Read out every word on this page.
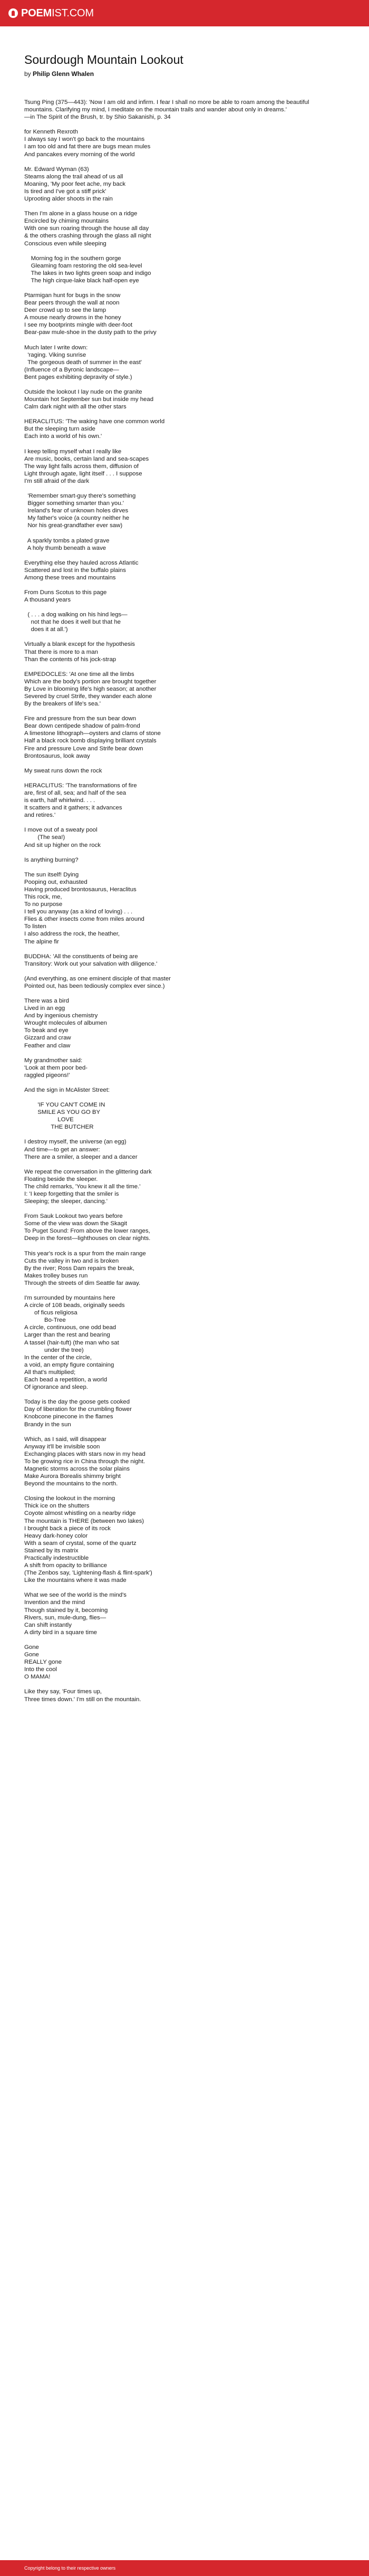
POEMIST.COM
Sourdough Mountain Lookout
by Philip Glenn Whalen
Tsung Ping (375—443): 'Now I am old and infirm. I fear I shall no more be able to roam among the beautiful mountains. Clarifying my mind, I meditate on the mountain trails and wander about only in dreams.'
—in The Spirit of the Brush, tr. by Shio Sakanishi, p. 34
for Kenneth Rexroth
I always say I won't go back to the mountains
I am too old and fat there are bugs mean mules
And pancakes every morning of the world
Mr. Edward Wyman (63)
Steams along the trail ahead of us all
Moaning, 'My poor feet ache, my back
Is tired and I've got a stiff prick'
Uprooting alder shoots in the rain
Then I'm alone in a glass house on a ridge
Encircled by chiming mountains
With one sun roaring through the house all day
& the others crashing through the glass all night
Conscious even while sleeping
Morning fog in the southern gorge
Gleaming foam restoring the old sea-level
The lakes in two lights green soap and indigo
The high cirque-lake black half-open eye
Ptarmigan hunt for bugs in the snow
Bear peers through the wall at noon
Deer crowd up to see the lamp
A mouse nearly drowns in the honey
I see my bootprints mingle with deer-foot
Bear-paw mule-shoe in the dusty path to the privy
Much later I write down:
'raging. Viking sunrise
The gorgeous death of summer in the east'
(Influence of a Byronic landscape—
Bent pages exhibiting depravity of style.)
Outside the lookout I lay nude on the granite
Mountain hot September sun but inside my head
Calm dark night with all the other stars
HERACLITUS: 'The waking have one common world
But the sleeping turn aside
Each into a world of his own.'
I keep telling myself what I really like
Are music, books, certain land and sea-scapes
The way light falls across them, diffusion of
Light through agate, light itself . . . I suppose
I'm still afraid of the dark
'Remember smart-guy there's something
Bigger something smarter than you.'
Ireland's fear of unknown holes dirves
My father's voice (a country neither he
Nor his great-grandfather ever saw)
A sparkly tombs a plated grave
A holy thumb beneath a wave
Everything else they hauled across Atlantic
Scattered and lost in the buffalo plains
Among these trees and mountains
From Duns Scotus to this page
A thousand years
( . . . a dog walking on his hind legs—
not that he does it well but that he
does it at all.')
Virtually a blank except for the hypothesis
That there is more to a man
Than the contents of his jock-strap
EMPEDOCLES: 'At one time all the limbs
Which are the body's portion are brought together
By Love in blooming life's high season; at another
Severed by cruel Strife, they wander each alone
By the breakers of life's sea.'
Fire and pressure from the sun bear down
Bear down centipede shadow of palm-frond
A limestone lithograph—oysters and clams of stone
Half a black rock bomb displaying brilliant crystals
Fire and pressure Love and Strife bear down
Brontosaurus, look away
My sweat runs down the rock
HERACLITUS: 'The transformations of fire
are, first of all, sea; and half of the sea
is earth, half whirlwind. . . .
It scatters and it gathers; it advances
and retires.'
I move out of a sweaty pool
(The sea!)
And sit up higher on the rock
Is anything burning?
The sun itself! Dying
Pooping out, exhausted
Having produced brontosaurus, Heraclitus
This rock, me,
To no purpose
I tell you anyway (as a kind of loving) . . .
Flies & other insects come from miles around
To listen
I also address the rock, the heather,
The alpine fir
BUDDHA: 'All the constituents of being are
Transitory: Work out your salvation with diligence.'
(And everything, as one eminent disciple of that master
Pointed out, has been tediously complex ever since.)
There was a bird
Lived in an egg
And by ingenious chemistry
Wrought molecules of albumen
To beak and eye
Gizzard and craw
Feather and claw
My grandmother said:
'Look at them poor bed-
raggled pigeons!'
And the sign in McAlister Street:
'IF YOU CAN'T COME IN
SMILE AS YOU GO BY
LOVE
THE BUTCHER
I destroy myself, the universe (an egg)
And time—to get an answer:
There are a smiler, a sleeper and a dancer
We repeat the conversation in the glittering dark
Floating beside the sleeper.
The child remarks, 'You knew it all the time.'
I: 'I keep forgetting that the smiler is
Sleeping; the sleeper, dancing.'
From Sauk Lookout two years before
Some of the view was down the Skagit
To Puget Sound: From above the lower ranges,
Deep in the forest—lighthouses on clear nights.
This year's rock is a spur from the main range
Cuts the valley in two and is broken
By the river; Ross Dam repairs the break,
Makes trolley buses run
Through the streets of dim Seattle far away.
I'm surrounded by mountains here
A circle of 108 beads, originally seeds
of ficus religiosa
Bo-Tree
A circle, continuous, one odd bead
Larger than the rest and bearing
A tassel (hair-tuft) (the man who sat
under the tree)
In the center of the circle,
a void, an empty figure containing
All that's multiplied;
Each bead a repetition, a world
Of ignorance and sleep.
Today is the day the goose gets cooked
Day of liberation for the crumbling flower
Knobcone pinecone in the flames
Brandy in the sun
Which, as I said, will disappear
Anyway it'll be invisible soon
Exchanging places with stars now in my head
To be growing rice in China through the night.
Magnetic storms across the solar plains
Make Aurora Borealis shimmy bright
Beyond the mountains to the north.
Closing the lookout in the morning
Thick ice on the shutters
Coyote almost whistling on a nearby ridge
The mountain is THERE (between two lakes)
I brought back a piece of its rock
Heavy dark-honey color
With a seam of crystal, some of the quartz
Stained by its matrix
Practically indestructible
A shift from opacity to brilliance
(The Zenbos say, 'Lightening-flash & flint-spark')
Like the mountains where it was made
What we see of the world is the mind's
Invention and the mind
Though stained by it, becoming
Rivers, sun, mule-dung, flies—
Can shift instantly
A dirty bird in a square time
Gone
Gone
REALLY gone
Into the cool
O MAMA!
Like they say, 'Four times up,
Three times down.' I'm still on the mountain.
Copyright belong to their respective owners
